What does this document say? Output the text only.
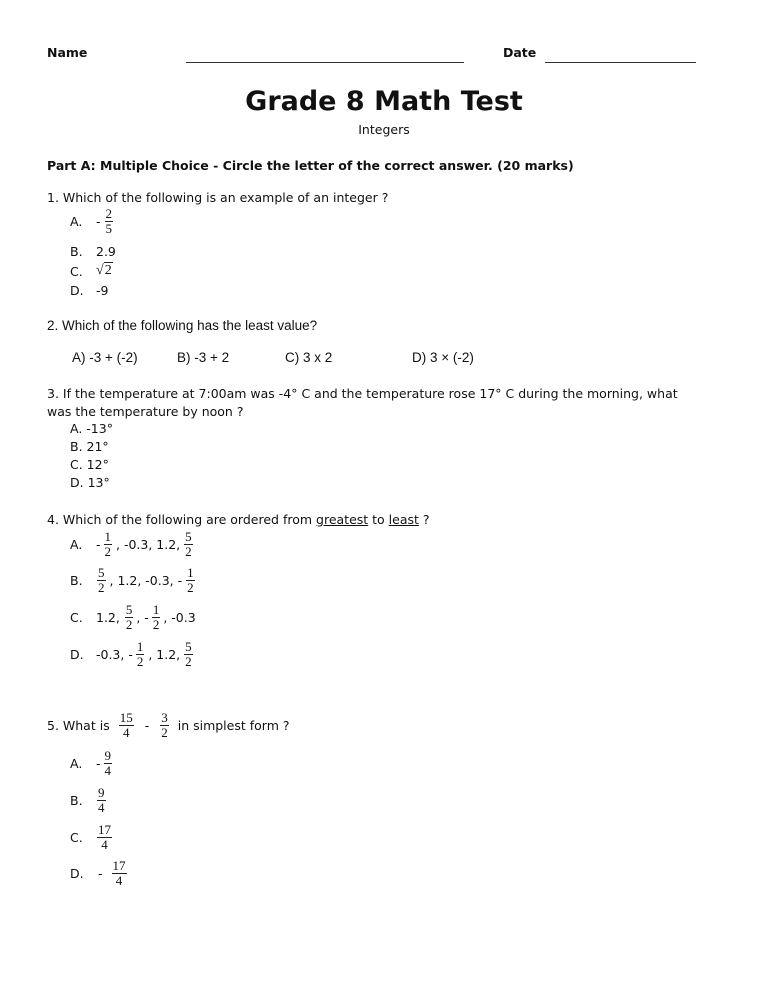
Name	Date
Grade 8 Math Test
Integers
Part A: Multiple Choice - Circle the letter of the correct answer. (20 marks)
1. Which of the following is an example of an integer ?
A.	- $\frac{2}{5}$
B.	2.9
C. √2
D. -9
2. Which of the following has the least value?
A) -3 + (-2)	B) -3 + 2	C) 3 x 2	D) 3 × (-2)
3. If the temperature at 7:00am was -4° C and the temperature rose 17° C during the morning, what
was the temperature by noon ?
A. -13°
B. 21°
C. 12°
D. 13°
4. Which of the following are ordered from greatest to least ?
A.	- $\frac{1}{2}$ , -0.3, 1.2, $\frac{5}{2}$
B.	$\frac{5}{2}$ , 1.2, -0.3, - $\frac{1}{2}$
C.	1.2, $\frac{5}{2}$ , - $\frac{1}{2}$ , -0.3
D. -0.3, - $\frac{1}{2}$ , 1.2, $\frac{5}{2}$
5. What is $\frac{15}{4} - \frac{3}{2}$ in simplest form ?
A.	- $\frac{9}{4}$
B.	$\frac{9}{4}$
C.	$\frac{17}{4}$
D.	- $\frac{17}{4}$
